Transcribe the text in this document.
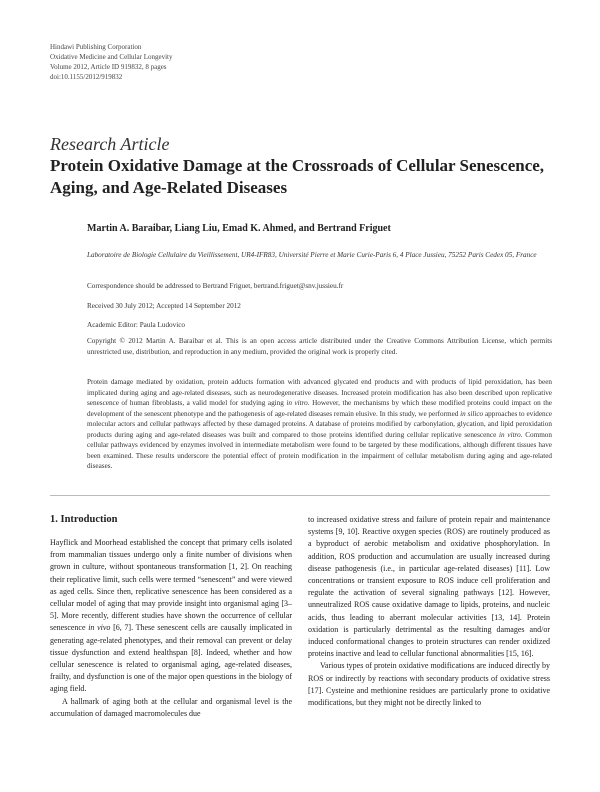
Hindawi Publishing Corporation
Oxidative Medicine and Cellular Longevity
Volume 2012, Article ID 919832, 8 pages
doi:10.1155/2012/919832
Research Article
Protein Oxidative Damage at the Crossroads of Cellular Senescence, Aging, and Age-Related Diseases
Martin A. Baraibar, Liang Liu, Emad K. Ahmed, and Bertrand Friguet
Laboratoire de Biologie Cellulaire du Vieillissement, UR4-IFR83, Université Pierre et Marie Curie-Paris 6, 4 Place Jussieu, 75252 Paris Cedex 05, France
Correspondence should be addressed to Bertrand Friguet, bertrand.friguet@snv.jussieu.fr
Received 30 July 2012; Accepted 14 September 2012
Academic Editor: Paula Ludovico
Copyright © 2012 Martin A. Baraibar et al. This is an open access article distributed under the Creative Commons Attribution License, which permits unrestricted use, distribution, and reproduction in any medium, provided the original work is properly cited.
Protein damage mediated by oxidation, protein adducts formation with advanced glycated end products and with products of lipid peroxidation, has been implicated during aging and age-related diseases, such as neurodegenerative diseases. Increased protein modification has also been described upon replicative senescence of human fibroblasts, a valid model for studying aging in vitro. However, the mechanisms by which these modified proteins could impact on the development of the senescent phenotype and the pathogenesis of age-related diseases remain elusive. In this study, we performed in silico approaches to evidence molecular actors and cellular pathways affected by these damaged proteins. A database of proteins modified by carbonylation, glycation, and lipid peroxidation products during aging and age-related diseases was built and compared to those proteins identified during cellular replicative senescence in vitro. Common cellular pathways evidenced by enzymes involved in intermediate metabolism were found to be targeted by these modifications, although different tissues have been examined. These results underscore the potential effect of protein modification in the impairment of cellular metabolism during aging and age-related diseases.
1. Introduction

Hayflick and Moorhead established the concept that primary cells isolated from mammalian tissues undergo only a finite number of divisions when grown in culture, without spontaneous transformation [1, 2]. On reaching their replicative limit, such cells were termed “senescent” and were viewed as aged cells. Since then, replicative senescence has been considered as a cellular model of aging that may provide insight into organismal aging [3–5]. More recently, different studies have shown the occurrence of cellular senescence in vivo [6, 7]. These senescent cells are causally implicated in generating age-related phenotypes, and their removal can prevent or delay tissue dysfunction and extend healthspan [8]. Indeed, whether and how cellular senescence is related to organismal aging, age-related diseases, frailty, and dysfunction is one of the major open questions in the biology of aging field.

A hallmark of aging both at the cellular and organismal level is the accumulation of damaged macromolecules due

to increased oxidative stress and failure of protein repair and maintenance systems [9, 10]. Reactive oxygen species (ROS) are routinely produced as a byproduct of aerobic metabolism and oxidative phosphorylation. In addition, ROS production and accumulation are usually increased during disease pathogenesis (i.e., in particular age-related diseases) [11]. Low concentrations or transient exposure to ROS induce cell proliferation and regulate the activation of several signaling pathways [12]. However, unneutralized ROS cause oxidative damage to lipids, proteins, and nucleic acids, thus leading to aberrant molecular activities [13, 14]. Protein oxidation is particularly detrimental as the resulting damages and/or induced conformational changes to protein structures can render oxidized proteins inactive and lead to cellular functional abnormalities [15, 16].

Various types of protein oxidative modifications are induced directly by ROS or indirectly by reactions with secondary products of oxidative stress [17]. Cysteine and methionine residues are particularly prone to oxidative modifications, but they might not be directly linked to
